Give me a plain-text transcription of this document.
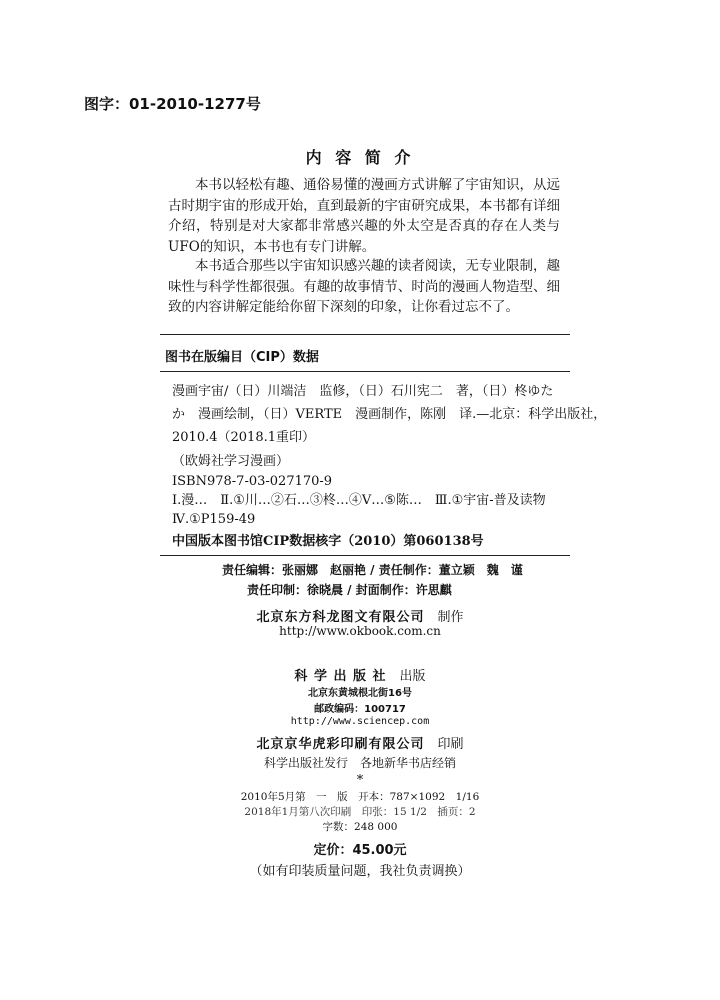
图字：01-2010-1277号
内 容 简 介
本书以轻松有趣、通俗易懂的漫画方式讲解了宇宙知识，从远古时期宇宙的形成开始，直到最新的宇宙研究成果，本书都有详细介绍，特别是对大家都非常感兴趣的外太空是否真的存在人类与UFO的知识，本书也有专门讲解。
本书适合那些以宇宙知识感兴趣的读者阅读，无专业限制，趣味性与科学性都很强。有趣的故事情节、时尚的漫画人物造型、细致的内容讲解定能给你留下深刻的印象，让你看过忘不了。
图书在版编目（CIP）数据
漫画宇宙/（日）川端洁　监修，（日）石川宪二　著，（日）柊ゆた
か　漫画绘制，（日）VERTE　漫画制作，陈刚　译.—北京：科学出版社，
2010.4（2018.1重印）
（欧姆社学习漫画）
ISBN978-7-03-027170-9
Ⅰ.漫…　Ⅱ.①川…②石…③柊…④V…⑤陈…　Ⅲ.①宇宙-普及读物
Ⅳ.①P159-49
中国版本图书馆CIP数据核字（2010）第060138号
责任编辑：张丽娜　赵丽艳 / 责任制作：董立颖　魏　谨
责任印制：徐晓晨 / 封面制作：许思麒
北京东方科龙图文有限公司　 制作
http://www.okbook.com.cn
科 学 出 版 社　 出版
北京东黄城根北街16号
邮政编码：100717
http://www.sciencep.com
北京京华虎彩印刷有限公司　 印刷
科学出版社发行　各地新华书店经销
*
2010年5月第　一　版　开本：787×1092　1/16
2018年1月第八次印刷　印张：15 1/2　插页：2
字数：248 000
定价：45.00元
（如有印装质量问题，我社负责调换）
